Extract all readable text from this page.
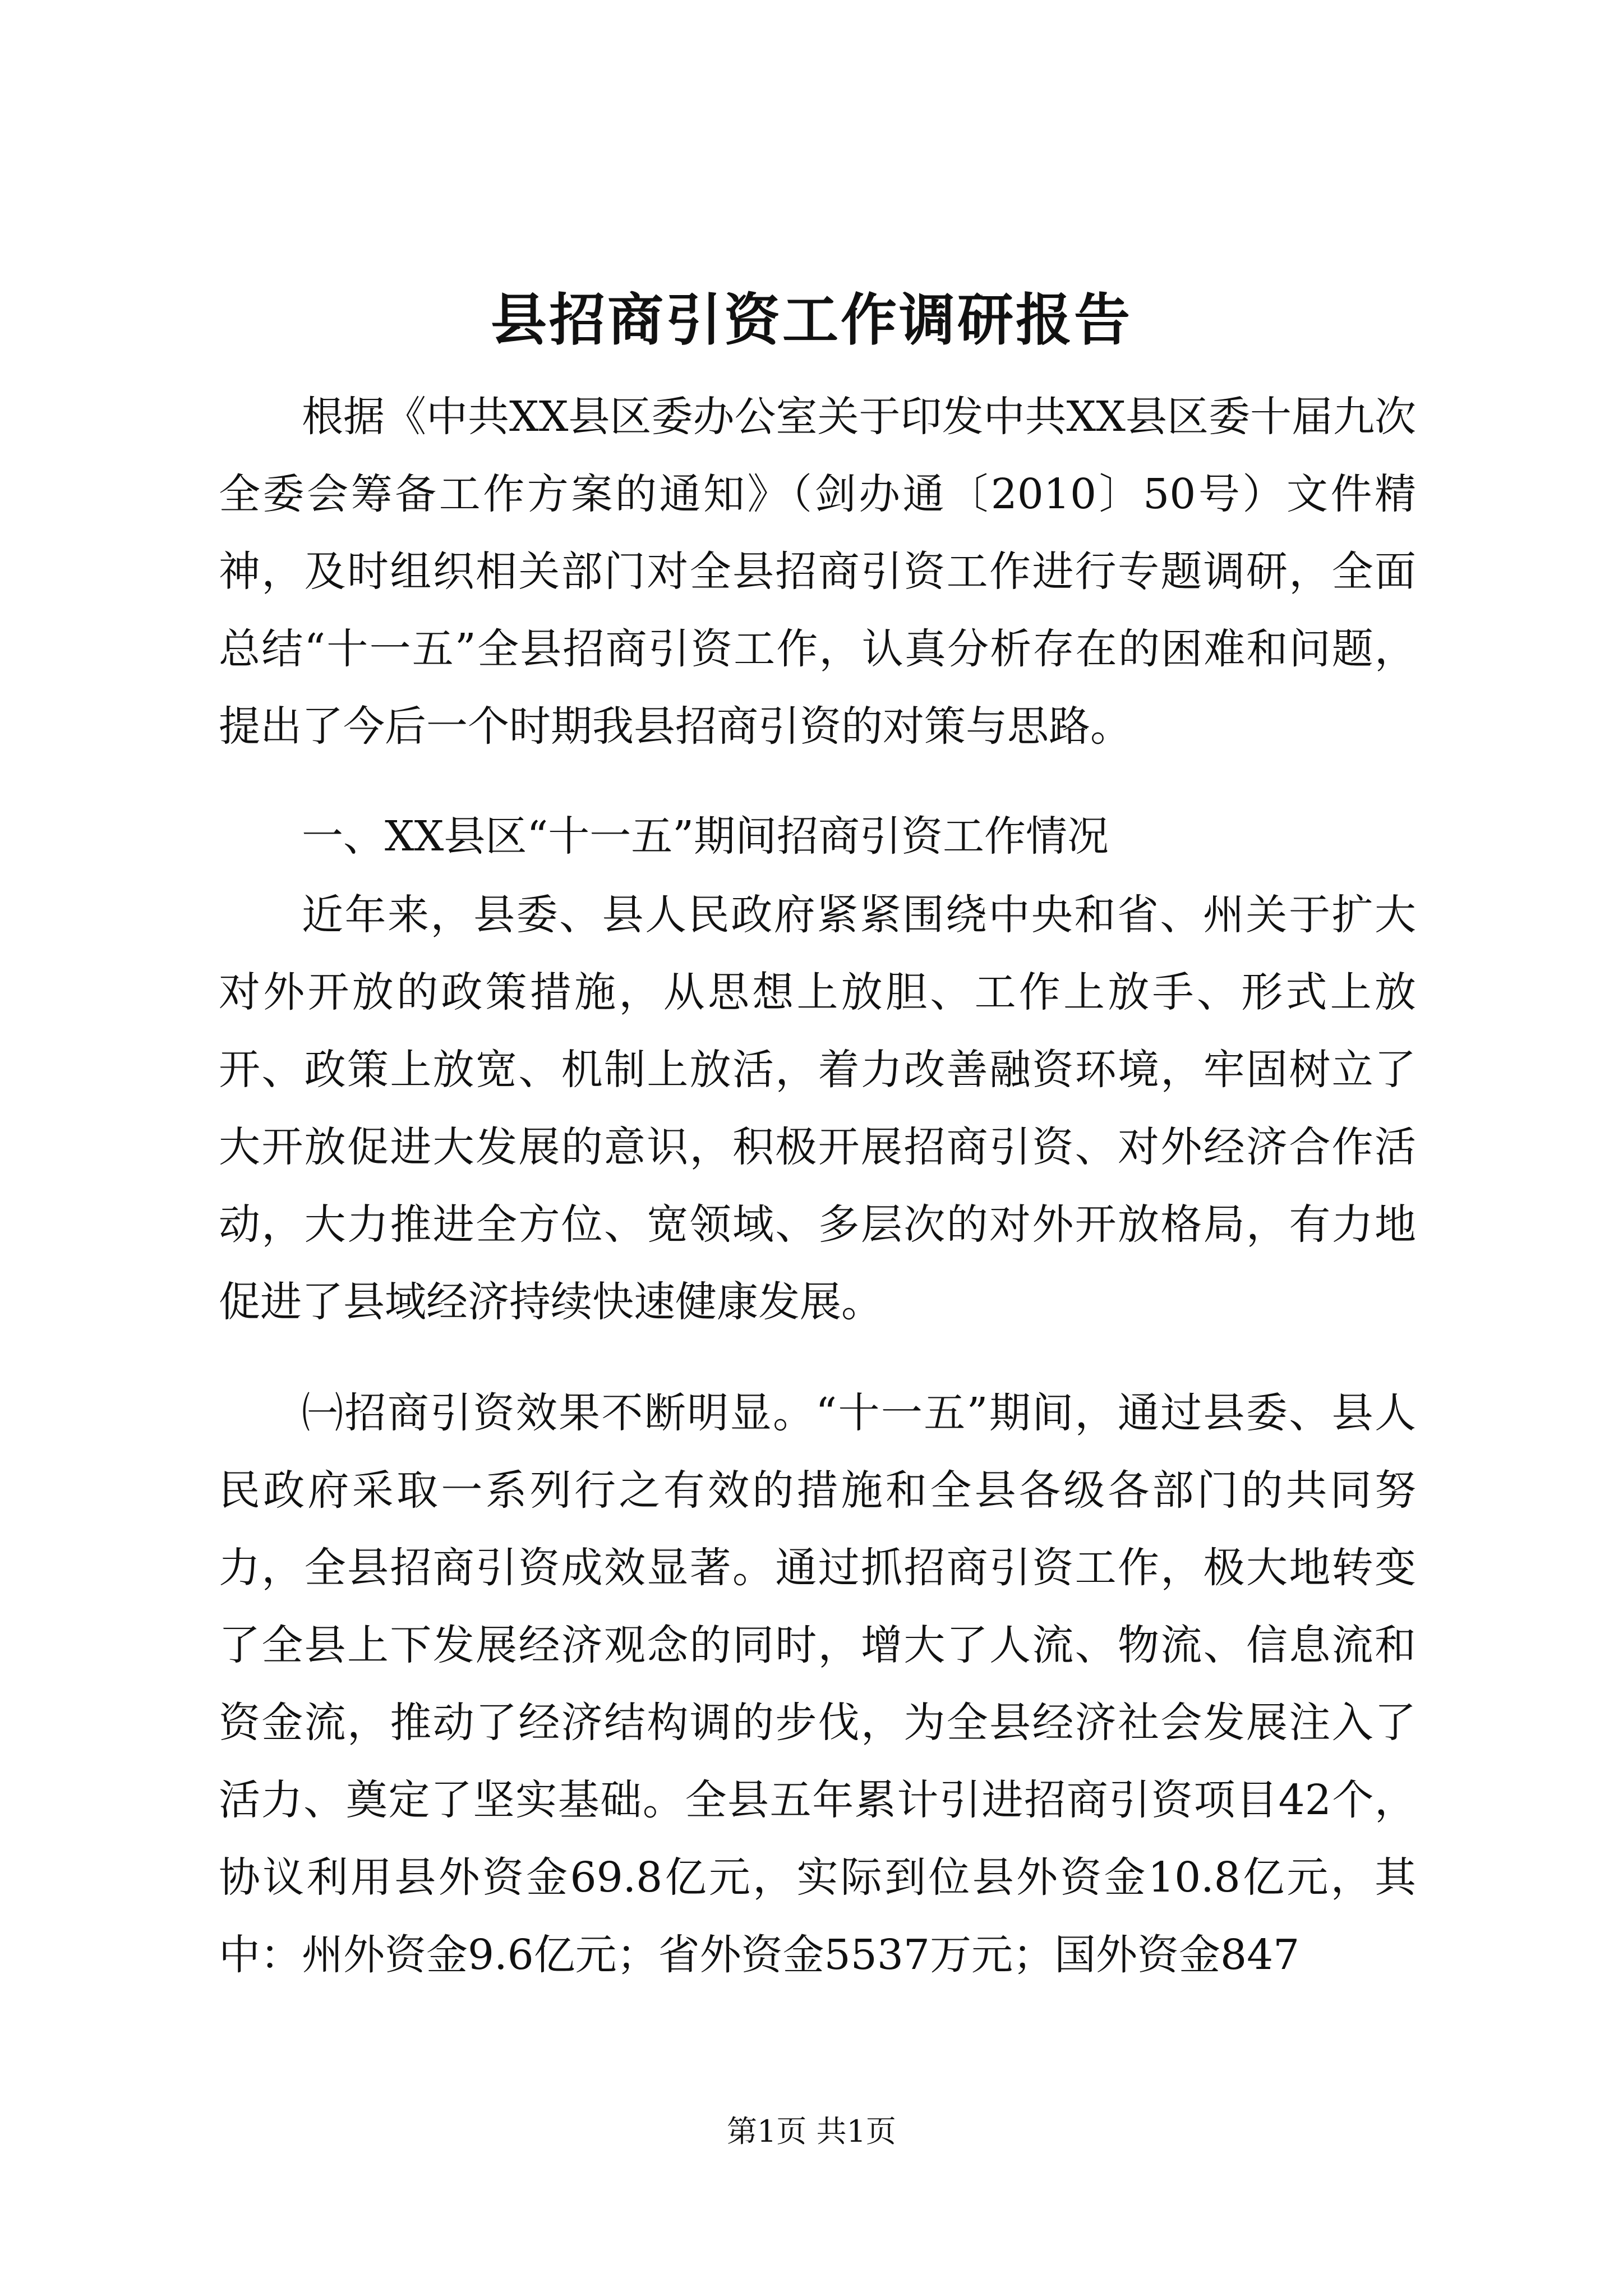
县招商引资工作调研报告

根据《中共XX县区委办公室关于印发中共XX县区委十届九次全委会筹备工作方案的通知》（剑办通〔2010〕50号）文件精神，及时组织相关部门对全县招商引资工作进行专题调研，全面总结“十一五”全县招商引资工作，认真分析存在的困难和问题，提出了今后一个时期我县招商引资的对策与思路。

一、XX县区“十一五”期间招商引资工作情况

近年来，县委、县人民政府紧紧围绕中央和省、州关于扩大对外开放的政策措施，从思想上放胆、工作上放手、形式上放开、政策上放宽、机制上放活，着力改善融资环境，牢固树立了大开放促进大发展的意识，积极开展招商引资、对外经济合作活动，大力推进全方位、宽领域、多层次的对外开放格局，有力地促进了县域经济持续快速健康发展。

㈠招商引资效果不断明显。“十一五”期间，通过县委、县人民政府采取一系列行之有效的措施和全县各级各部门的共同努力，全县招商引资成效显著。通过抓招商引资工作，极大地转变了全县上下发展经济观念的同时，增大了人流、物流、信息流和资金流，推动了经济结构调的步伐，为全县经济社会发展注入了活力、奠定了坚实基础。全县五年累计引进招商引资项目42个，协议利用县外资金69.8亿元，实际到位县外资金10.8亿元，其中：州外资金9.6亿元；省外资金5537万元；国外资金847

第1页 共1页
